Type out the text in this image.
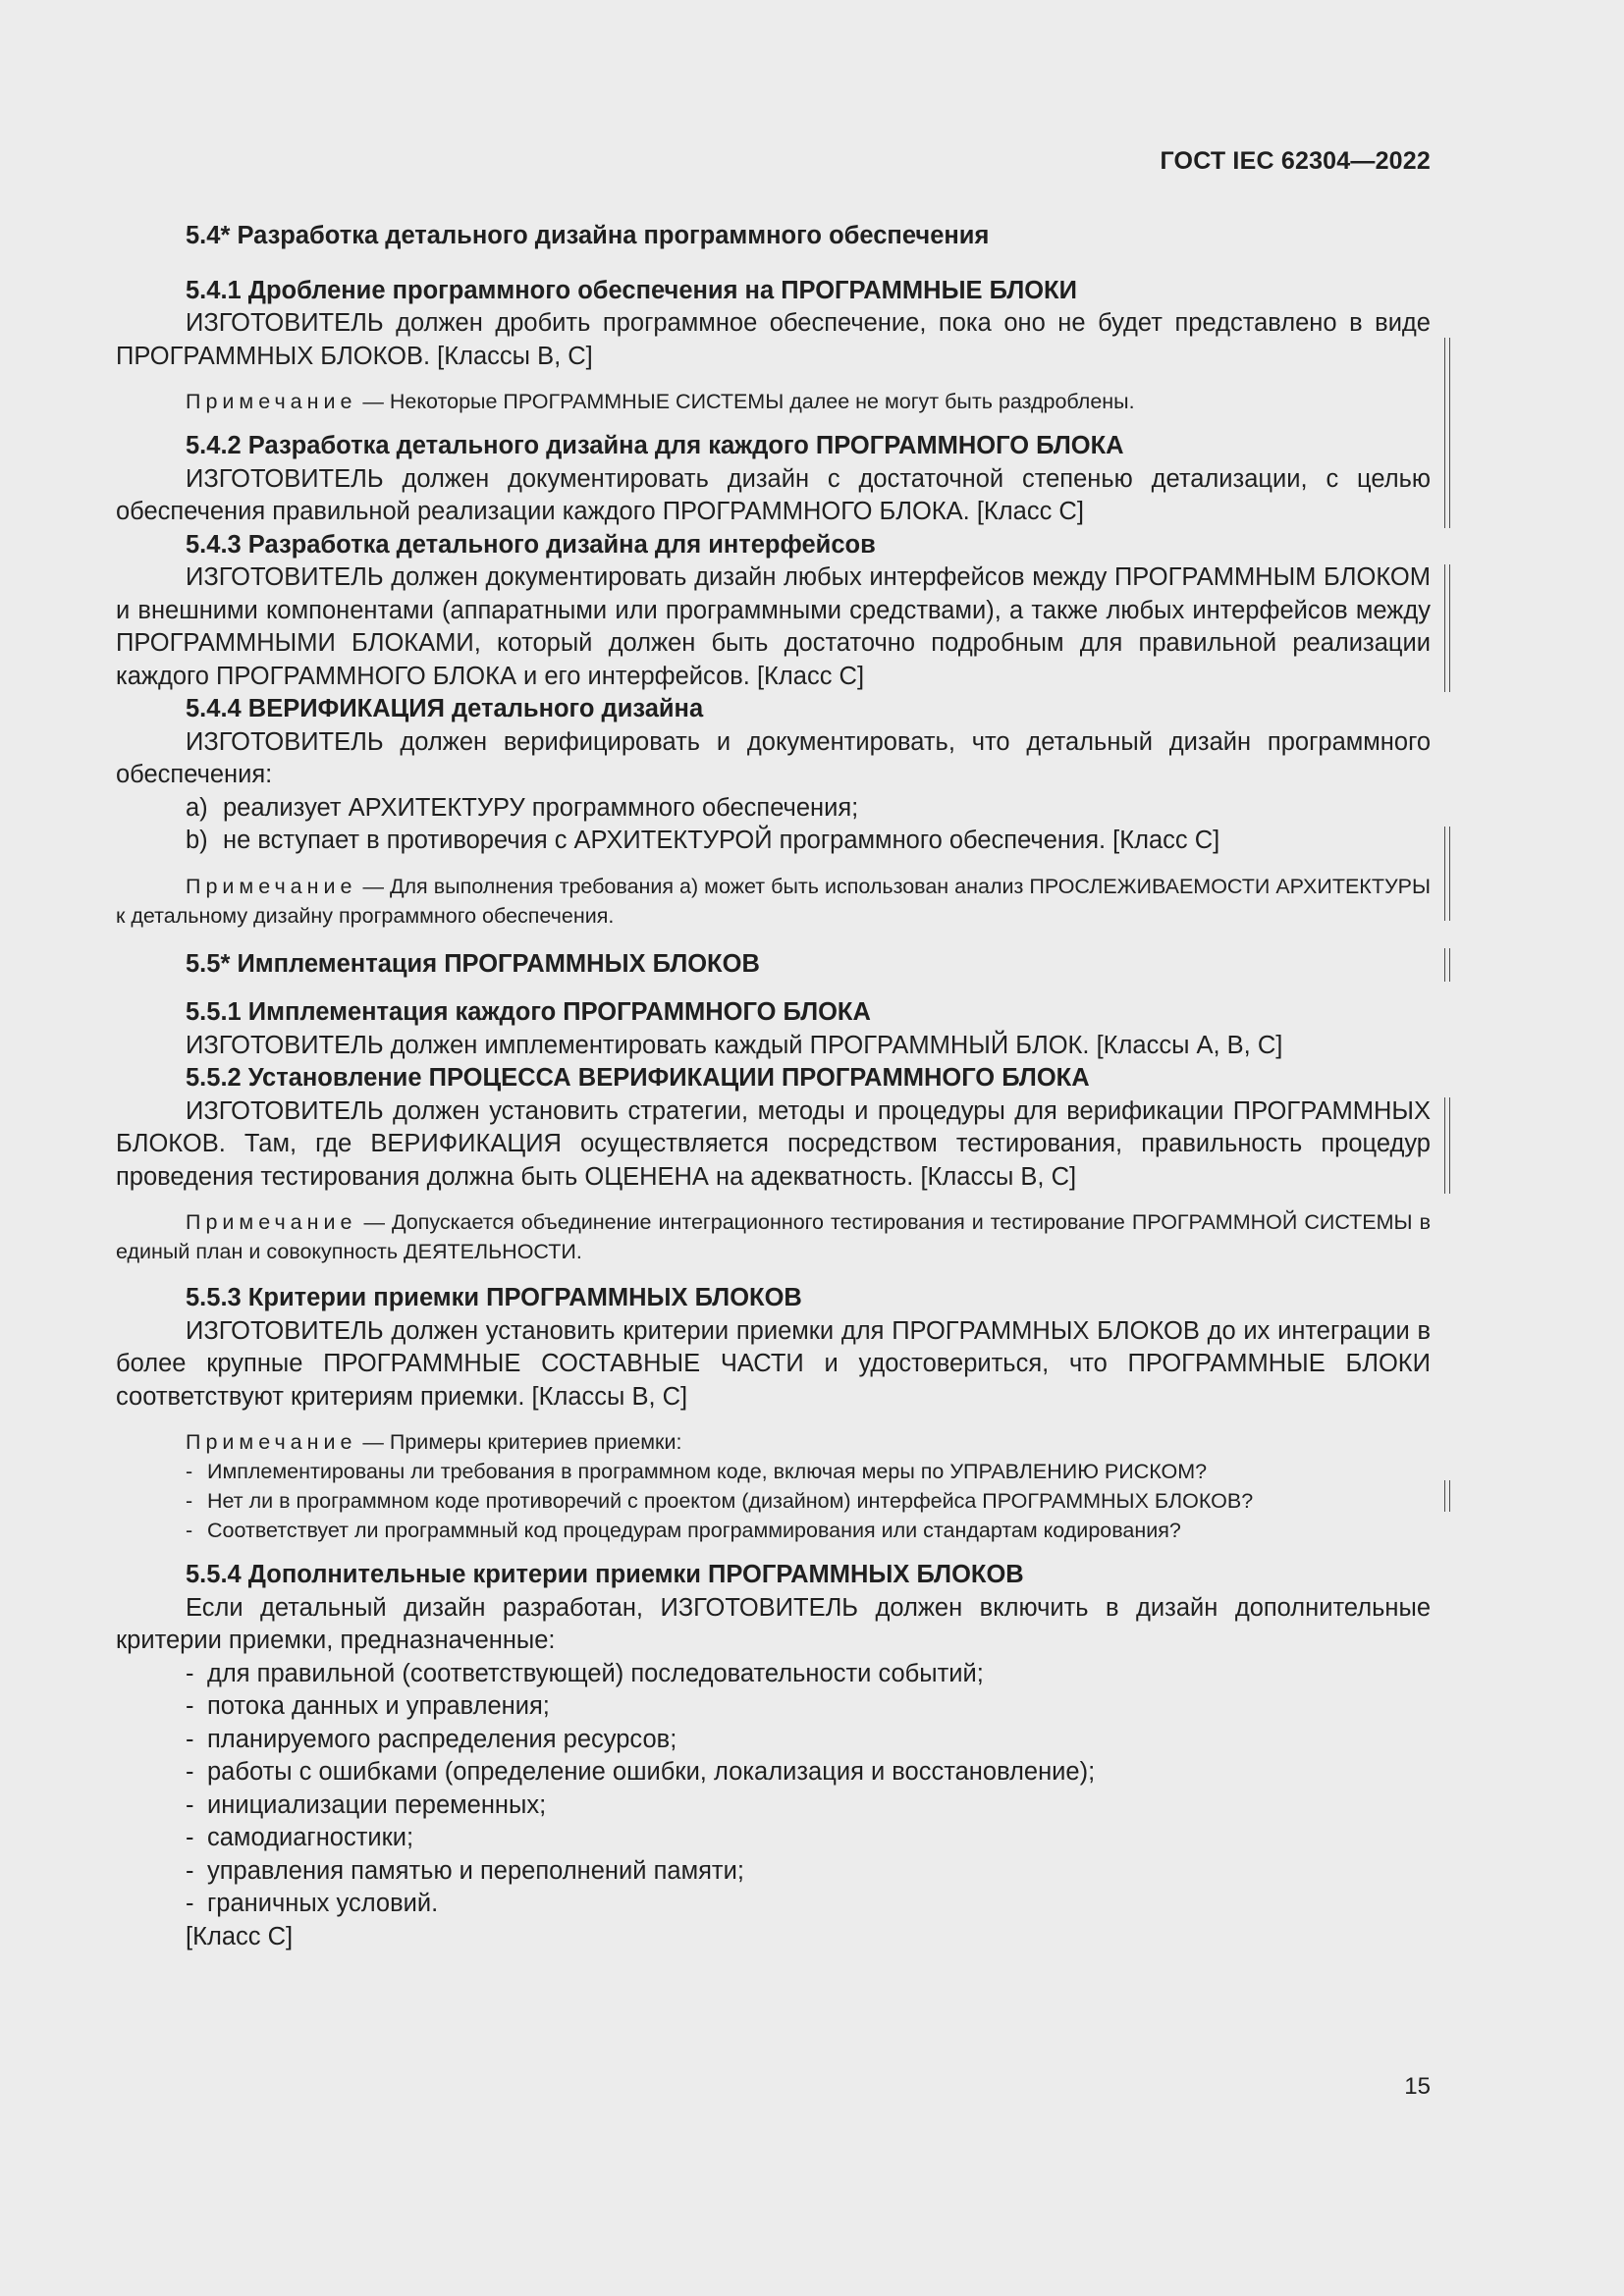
ГОСТ IEC 62304—2022
5.4* Разработка детального дизайна программного обеспечения
5.4.1 Дробление программного обеспечения на ПРОГРАММНЫЕ БЛОКИ
ИЗГОТОВИТЕЛЬ должен дробить программное обеспечение, пока оно не будет представлено в виде ПРОГРАММНЫХ БЛОКОВ. [Классы В, С]
Примечание — Некоторые ПРОГРАММНЫЕ СИСТЕМЫ далее не могут быть раздроблены.
5.4.2 Разработка детального дизайна для каждого ПРОГРАММНОГО БЛОКА
ИЗГОТОВИТЕЛЬ должен документировать дизайн с достаточной степенью детализации, с целью обеспечения правильной реализации каждого ПРОГРАММНОГО БЛОКА. [Класс С]
5.4.3 Разработка детального дизайна для интерфейсов
ИЗГОТОВИТЕЛЬ должен документировать дизайн любых интерфейсов между ПРОГРАММНЫМ БЛОКОМ и внешними компонентами (аппаратными или программными средствами), а также любых интерфейсов между ПРОГРАММНЫМИ БЛОКАМИ, который должен быть достаточно подробным для правильной реализации каждого ПРОГРАММНОГО БЛОКА и его интерфейсов. [Класс С]
5.4.4 ВЕРИФИКАЦИЯ детального дизайна
ИЗГОТОВИТЕЛЬ должен верифицировать и документировать, что детальный дизайн программного обеспечения:
а) реализует АРХИТЕКТУРУ программного обеспечения;
b) не вступает в противоречия с АРХИТЕКТУРОЙ программного обеспечения. [Класс С]
Примечание — Для выполнения требования а) может быть использован анализ ПРОСЛЕЖИВАЕМОСТИ АРХИТЕКТУРЫ к детальному дизайну программного обеспечения.
5.5* Имплементация ПРОГРАММНЫХ БЛОКОВ
5.5.1 Имплементация каждого ПРОГРАММНОГО БЛОКА
ИЗГОТОВИТЕЛЬ должен имплементировать каждый ПРОГРАММНЫЙ БЛОК. [Классы А, В, С]
5.5.2 Установление ПРОЦЕССА ВЕРИФИКАЦИИ ПРОГРАММНОГО БЛОКА
ИЗГОТОВИТЕЛЬ должен установить стратегии, методы и процедуры для верификации ПРОГРАММНЫХ БЛОКОВ. Там, где ВЕРИФИКАЦИЯ осуществляется посредством тестирования, правильность процедур проведения тестирования должна быть ОЦЕНЕНА на адекватность. [Классы В, С]
Примечание — Допускается объединение интеграционного тестирования и тестирование ПРОГРАММНОЙ СИСТЕМЫ в единый план и совокупность ДЕЯТЕЛЬНОСТИ.
5.5.3 Критерии приемки ПРОГРАММНЫХ БЛОКОВ
ИЗГОТОВИТЕЛЬ должен установить критерии приемки для ПРОГРАММНЫХ БЛОКОВ до их интеграции в более крупные ПРОГРАММНЫЕ СОСТАВНЫЕ ЧАСТИ и удостовериться, что ПРОГРАММНЫЕ БЛОКИ соответствуют критериям приемки. [Классы В, С]
Примечание — Примеры критериев приемки:
- Имплементированы ли требования в программном коде, включая меры по УПРАВЛЕНИЮ РИСКОМ?
- Нет ли в программном коде противоречий с проектом (дизайном) интерфейса ПРОГРАММНЫХ БЛОКОВ?
- Соответствует ли программный код процедурам программирования или стандартам кодирования?
5.5.4 Дополнительные критерии приемки ПРОГРАММНЫХ БЛОКОВ
Если детальный дизайн разработан, ИЗГОТОВИТЕЛЬ должен включить в дизайн дополнительные критерии приемки, предназначенные:
- для правильной (соответствующей) последовательности событий;
- потока данных и управления;
- планируемого распределения ресурсов;
- работы с ошибками (определение ошибки, локализация и восстановление);
- инициализации переменных;
- самодиагностики;
- управления памятью и переполнений памяти;
- граничных условий.
[Класс С]
15
